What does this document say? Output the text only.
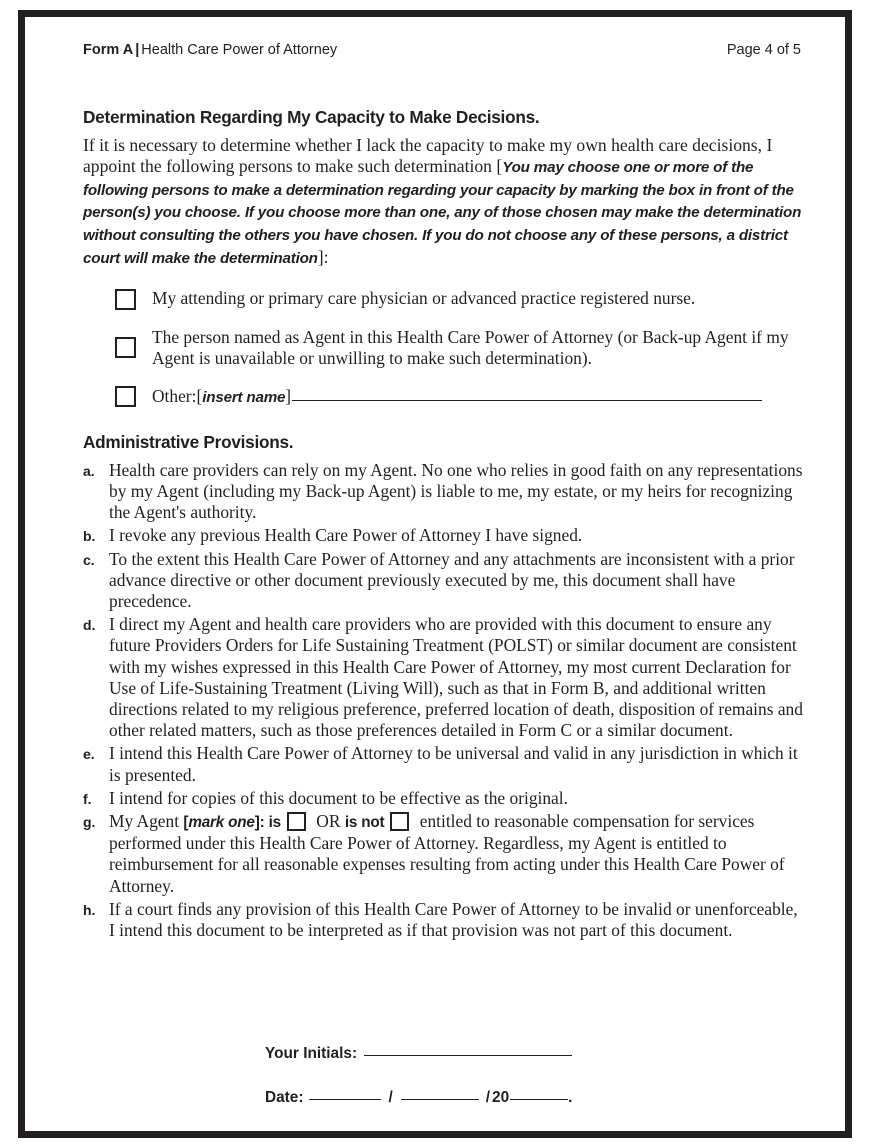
Form A | Health Care Power of Attorney	Page 4 of 5
Determination Regarding My Capacity to Make Decisions.

If it is necessary to determine whether I lack the capacity to make my own health care decisions, I appoint the following persons to make such determination [You may choose one or more of the following persons to make a determination regarding your capacity by marking the box in front of the person(s) you choose. If you choose more than one, any of those chosen may make the determination without consulting the others you have chosen. If you do not choose any of these persons, a district court will make the determination]:

My attending or primary care physician or advanced practice registered nurse.
The person named as Agent in this Health Care Power of Attorney (or Back-up Agent if my Agent is unavailable or unwilling to make such determination).
Other: [ insert name ]
Administrative Provisions.
a. Health care providers can rely on my Agent. No one who relies in good faith on any representations by my Agent (including my Back-up Agent) is liable to me, my estate, or my heirs for recognizing the Agent's authority.
b. I revoke any previous Health Care Power of Attorney I have signed.
c. To the extent this Health Care Power of Attorney and any attachments are inconsistent with a prior advance directive or other document previously executed by me, this document shall have precedence.
d. I direct my Agent and health care providers who are provided with this document to ensure any future Providers Orders for Life Sustaining Treatment (POLST) or similar document are consistent with my wishes expressed in this Health Care Power of Attorney, my most current Declaration for Use of Life-Sustaining Treatment (Living Will), such as that in Form B, and additional written directions related to my religious preference, preferred location of death, disposition of remains and other related matters, such as those preferences detailed in Form C or a similar document.
e. I intend this Health Care Power of Attorney to be universal and valid in any jurisdiction in which it is presented.
f. I intend for copies of this document to be effective as the original.
g. My Agent [mark one]: is OR is not entitled to reasonable compensation for services performed under this Health Care Power of Attorney. Regardless, my Agent is entitled to reimbursement for all reasonable expenses resulting from acting under this Health Care Power of Attorney.
h. If a court finds any provision of this Health Care Power of Attorney to be invalid or unenforceable, I intend this document to be interpreted as if that provision was not part of this document.
Your Initials:
Date:	/	/ 20	.
